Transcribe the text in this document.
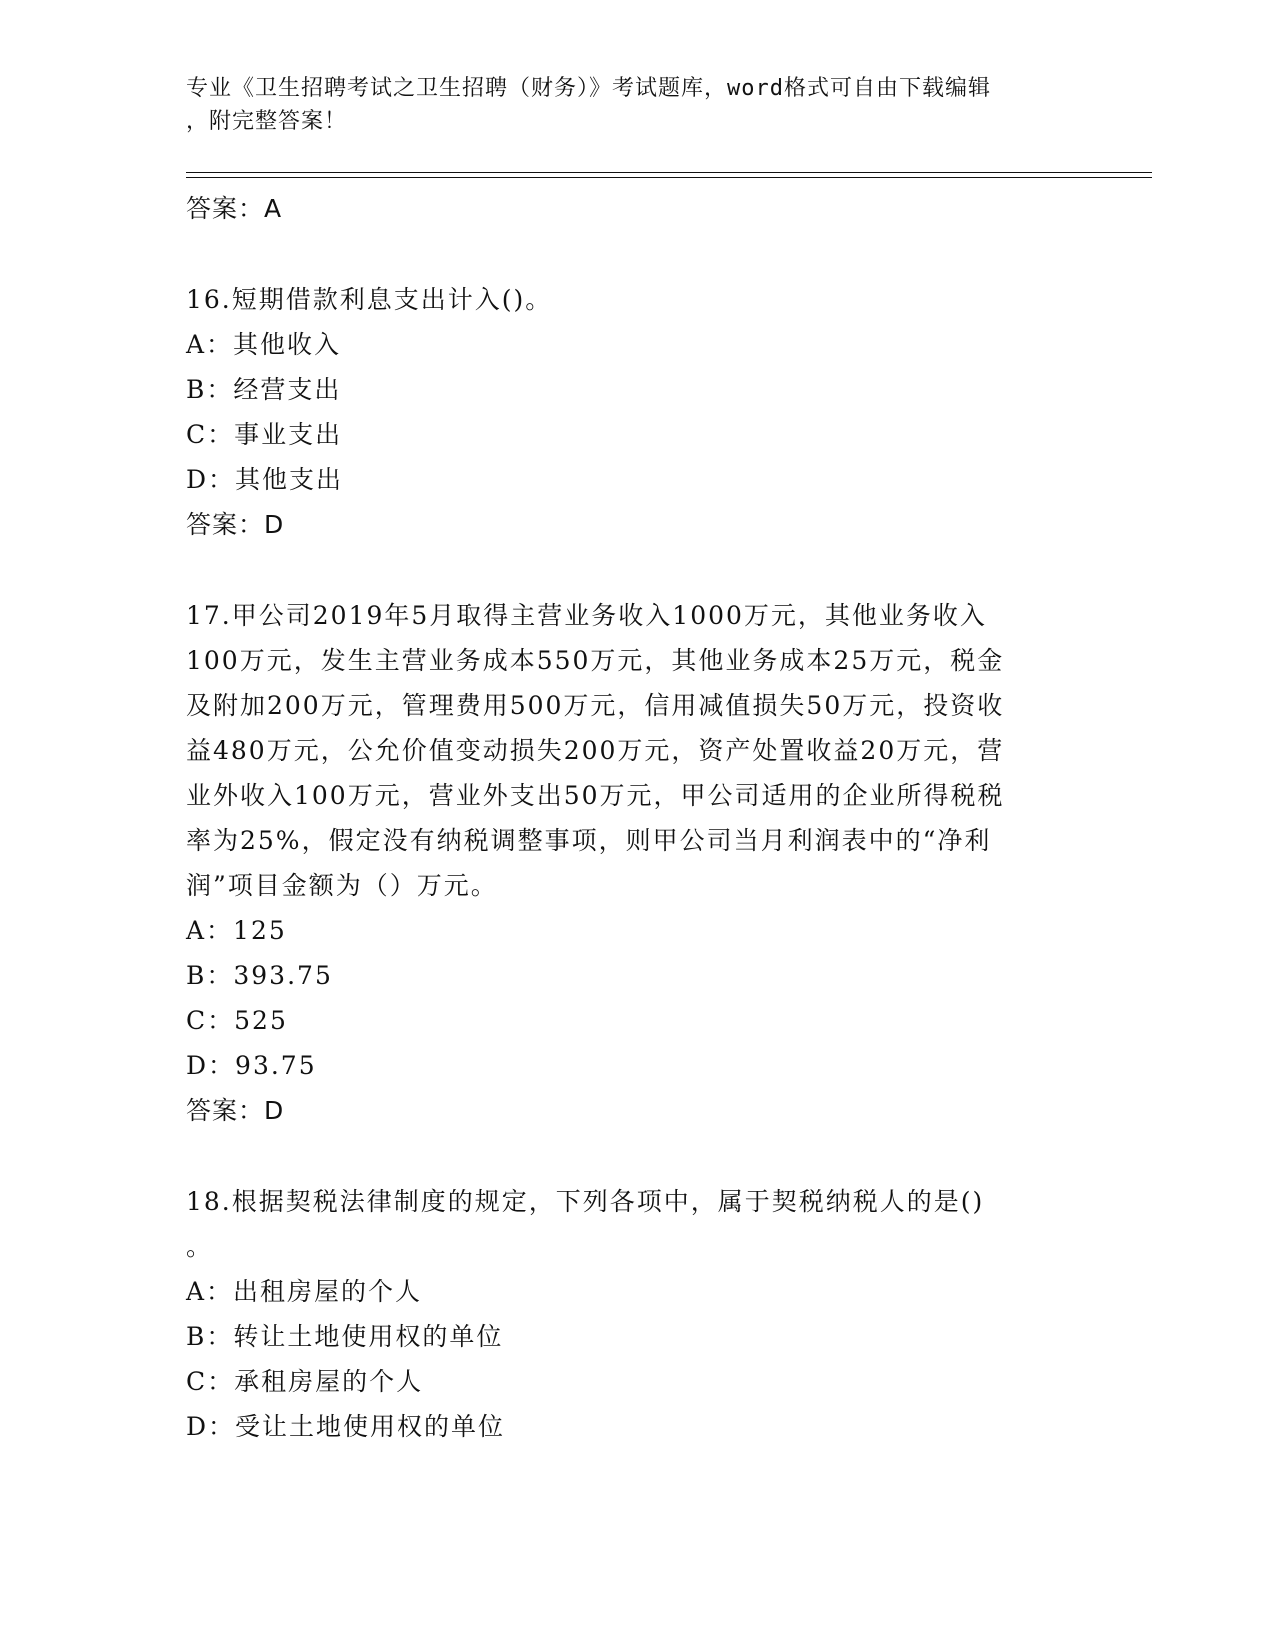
专业《卫生招聘考试之卫生招聘（财务）》考试题库，word格式可自由下载编辑
，附完整答案！
答案：A
16.短期借款利息支出计入()。
A：其他收入
B：经营支出
C：事业支出
D：其他支出
答案：D
17.甲公司2019年5月取得主营业务收入1000万元，其他业务收入
100万元，发生主营业务成本550万元，其他业务成本25万元，税金
及附加200万元，管理费用500万元，信用减值损失50万元，投资收
益480万元，公允价值变动损失200万元，资产处置收益20万元，营
业外收入100万元，营业外支出50万元，甲公司适用的企业所得税税
率为25%，假定没有纳税调整事项，则甲公司当月利润表中的“净利
润”项目金额为（）万元。
A：125
B：393.75
C：525
D：93.75
答案：D
18.根据契税法律制度的规定，下列各项中，属于契税纳税人的是()
。
A：出租房屋的个人
B：转让土地使用权的单位
C：承租房屋的个人
D：受让土地使用权的单位
